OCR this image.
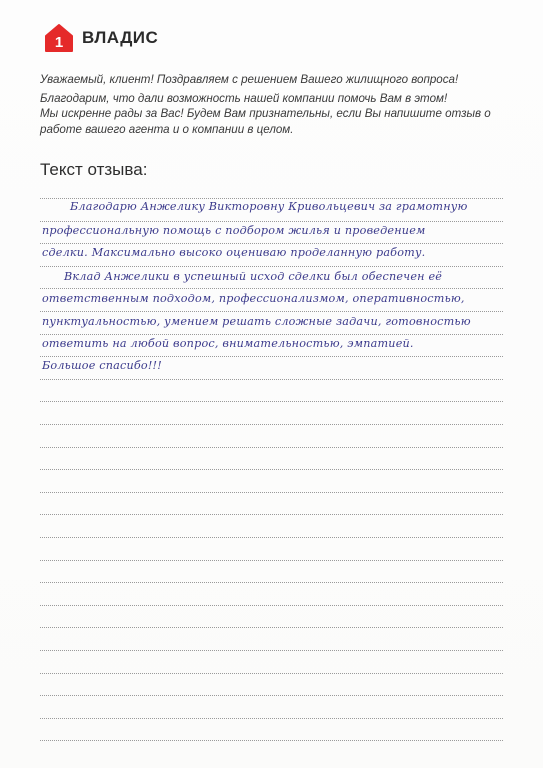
1 ВЛАДИС

Уважаемый, клиент! Поздравляем с решением Вашего жилищного вопроса!

Благодарим, что дали возможность нашей компании помочь Вам в этом!

Мы искренне рады за Вас! Будем Вам признательны, если Вы напишите отзыв о работе вашего агента и о компании в целом.

Текст отзыва:
Благодарю Анжелику Викторовну Кривольцевич за грамотную
профессиональную помощь с подбором жилья и проведением
сделки. Максимально высоко оцениваю проделанную работу.
Вклад Анжелики в успешный исход сделки был обеспечен её
ответственным подходом, профессионализмом, оперативностью,
пунктуальностью, умением решать сложные задачи, готовностью
ответить на любой вопрос, внимательностью, эмпатией.
Большое спасибо!!!
